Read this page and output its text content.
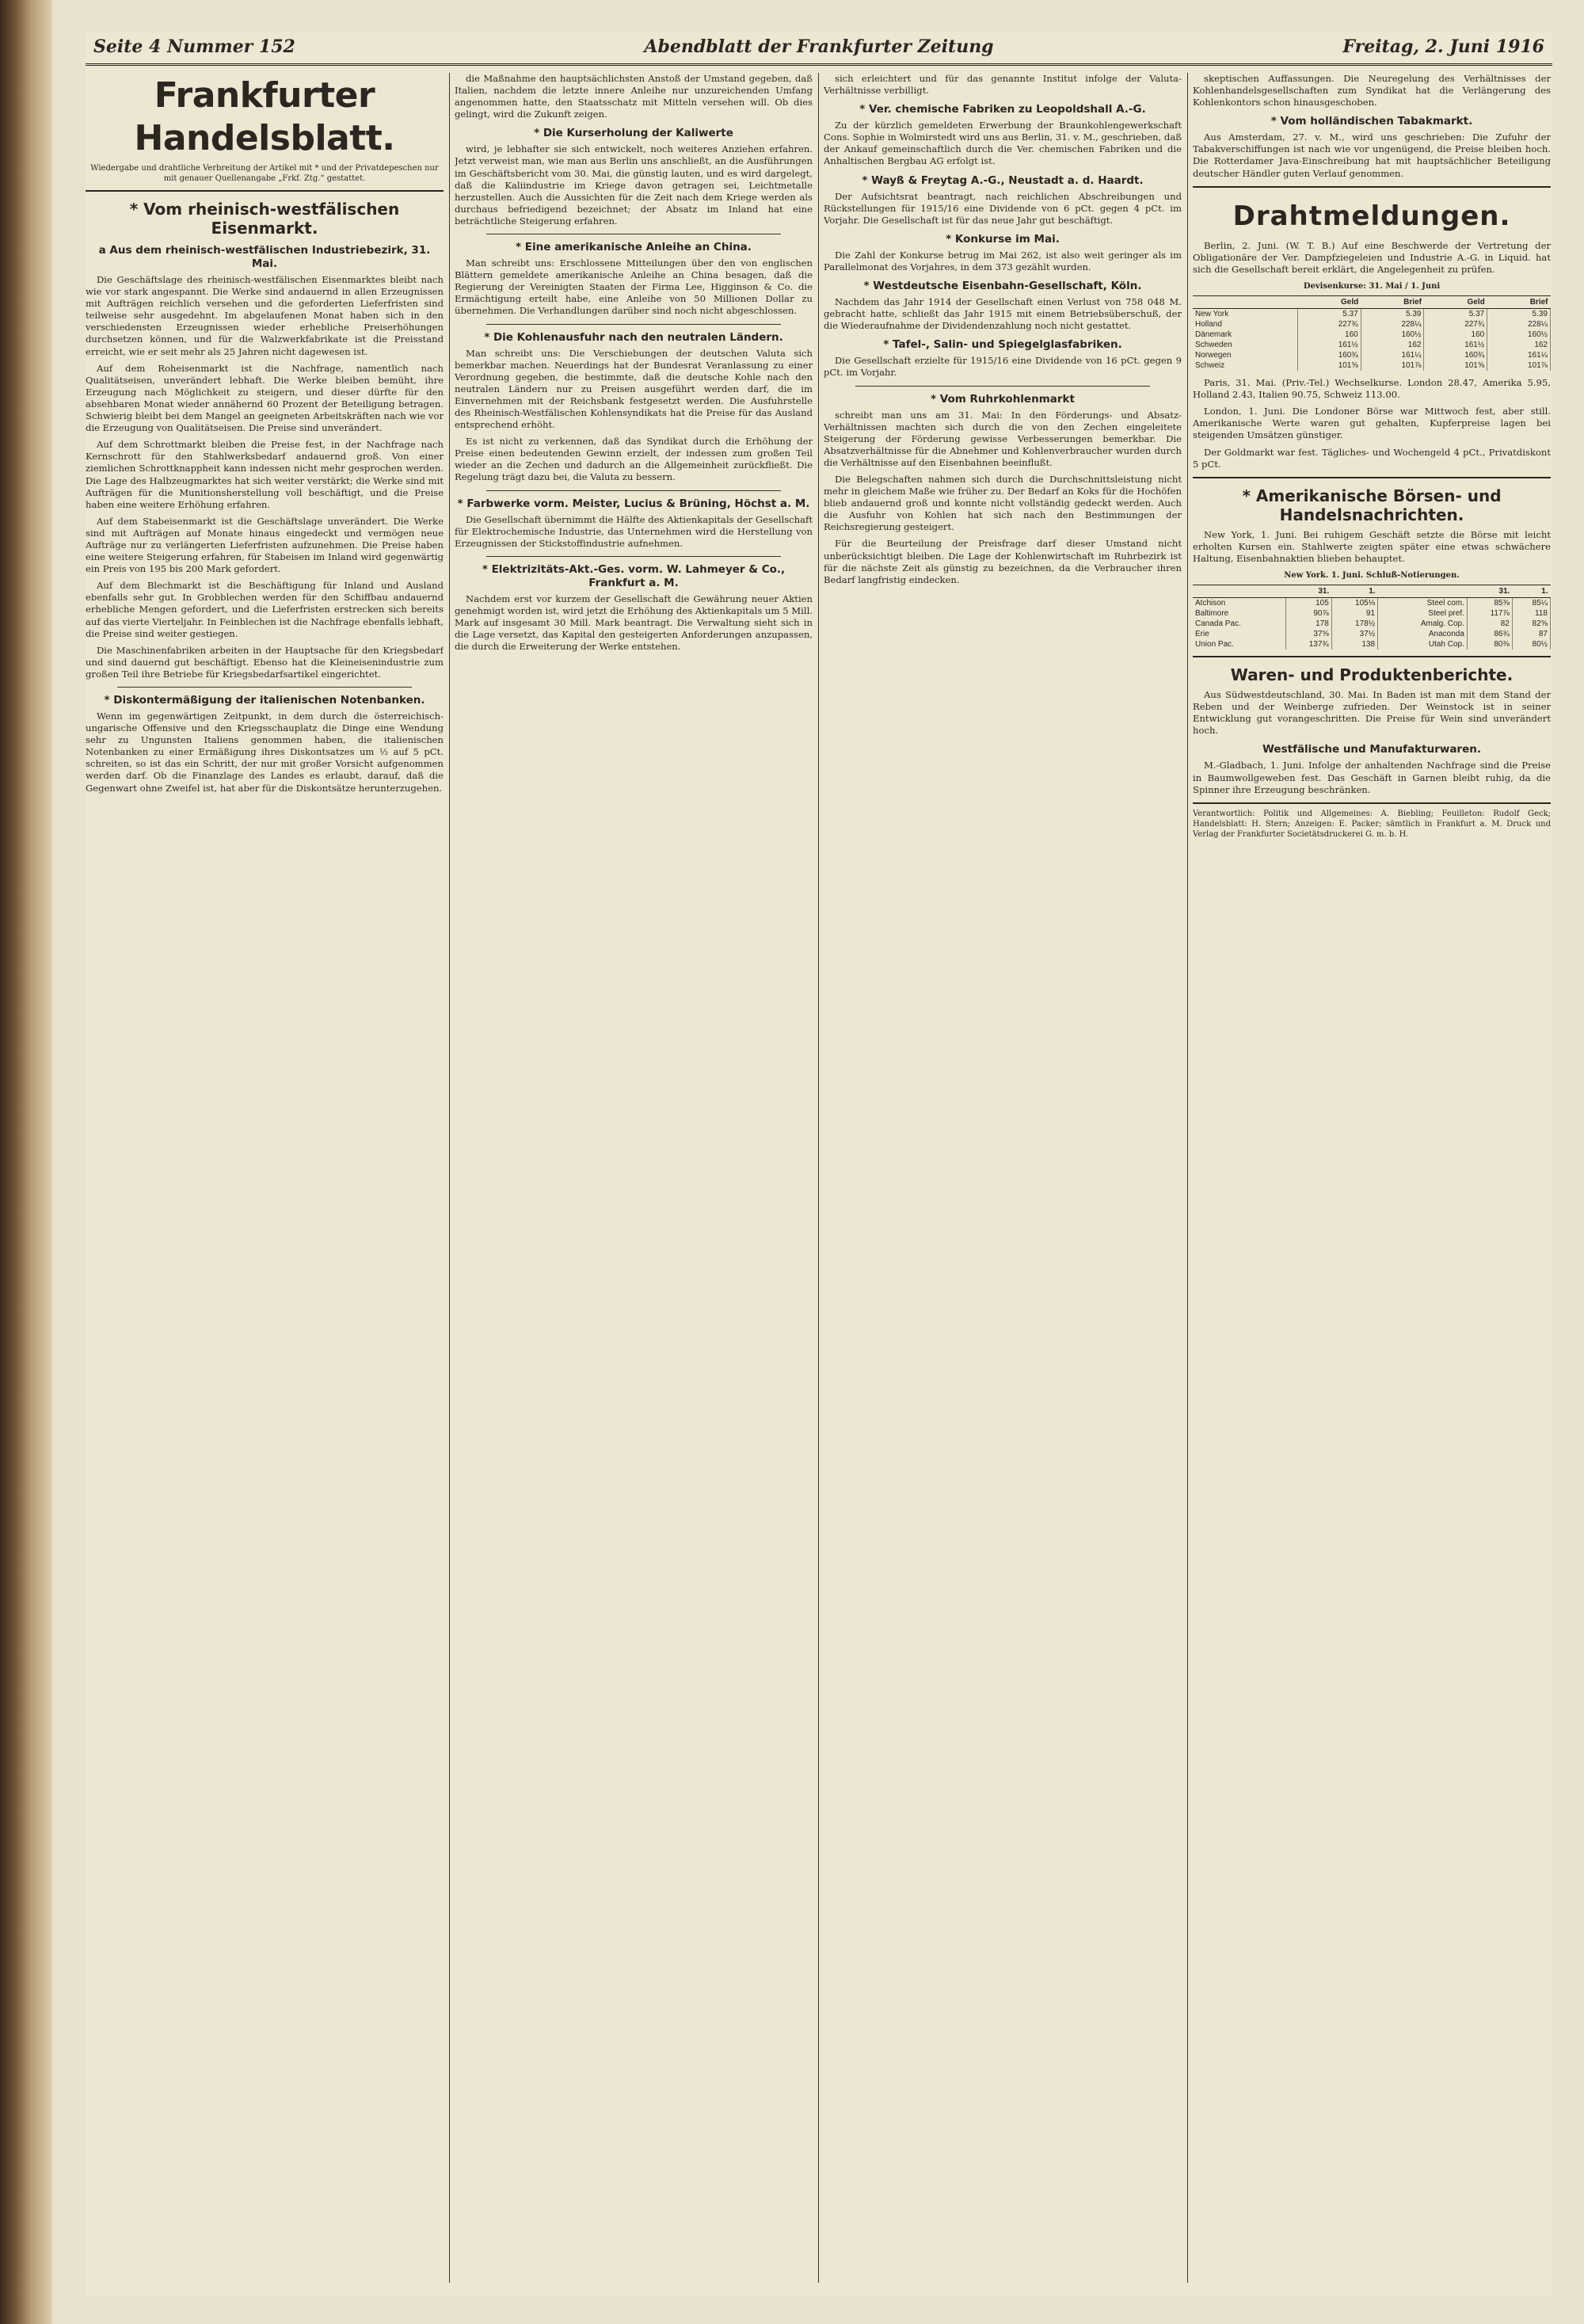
Seite 4 Nummer 152	Abendblatt der Frankfurter Zeitung	Freitag, 2. Juni 1916
Frankfurter Handelsblatt.
Wiedergabe und drahtliche Verbreitung der Artikel mit * und der Privatdepeschen nur mit genauer Quellenangabe „Frkf. Ztg.“ gestattet.
* Vom rheinisch-westfälischen Eisenmarkt.
a Aus dem rheinisch-westfälischen Industriebezirk, 31. Mai.

Die Geschäftslage des rheinisch-westfälischen Eisenmarktes bleibt nach wie vor stark angespannt. Die Werke sind andauernd in allen Erzeugnissen mit Aufträgen reichlich versehen und die geforderten Lieferfristen sind teilweise sehr ausgedehnt. Im abgelaufenen Monat haben sich in den verschiedensten Erzeugnissen wieder erhebliche Preiserhöhungen durchsetzen können, und für die Walzwerkfabrikate ist die Preisstand erreicht, wie er seit mehr als 25 Jahren nicht dagewesen ist.

Auf dem Roheisenmarkt ist die Nachfrage, namentlich nach Qualitätseisen, unverändert lebhaft. Die Werke bleiben bemüht, ihre Erzeugung nach Möglichkeit zu steigern, und dieser dürfte für den absehbaren Monat wieder annähernd 60 Prozent der Beteiligung betragen. Schwierig bleibt bei dem Mangel an geeigneten Arbeitskräften nach wie vor die Erzeugung von Qualitätseisen. Die Preise sind unverändert.

Auf dem Schrottmarkt bleiben die Preise fest, in der Nachfrage nach Kernschrott für den Stahlwerksbedarf andauernd groß. Von einer ziemlichen Schrottknappheit kann indessen nicht mehr gesprochen werden. Die Lage des Halbzeugmarktes hat sich weiter verstärkt; die Werke sind mit Aufträgen für die Munitionsherstellung voll beschäftigt, und die Preise haben eine weitere Erhöhung erfahren.

Auf dem Stabeisenmarkt ist die Geschäftslage unverändert. Die Werke sind mit Aufträgen auf Monate hinaus eingedeckt und vermögen neue Aufträge nur zu verlängerten Lieferfristen aufzunehmen. Die Preise haben eine weitere Steigerung erfahren, für Stabeisen im Inland wird gegenwärtig ein Preis von 195 bis 200 Mark gefordert.

Auf dem Blechmarkt ist die Beschäftigung für Inland und Ausland ebenfalls sehr gut. In Grobblechen werden für den Schiffbau andauernd erhebliche Mengen gefordert, und die Lieferfristen erstrecken sich bereits auf das vierte Vierteljahr. In Feinblechen ist die Nachfrage ebenfalls lebhaft, die Preise sind weiter gestiegen.

Die Maschinenfabriken arbeiten in der Hauptsache für den Kriegsbedarf und sind dauernd gut beschäftigt. Ebenso hat die Kleineisenindustrie zum großen Teil ihre Betriebe für Kriegsbedarfsartikel eingerichtet.

* Diskontermäßigung der italienischen Notenbanken.

Wenn im gegenwärtigen Zeitpunkt, in dem durch die österreichisch-ungarische Offensive und den Kriegsschauplatz die Dinge eine Wendung sehr zu Ungunsten Italiens genommen haben, die italienischen Notenbanken zu einer Ermäßigung ihres Diskontsatzes um ½ auf 5 pCt. schreiten, so ist das ein Schritt, der nur mit großer Vorsicht aufgenommen werden darf. Ob die Finanzlage des Landes es erlaubt, darauf, daß die Gegenwart ohne Zweifel ist, hat aber für die Diskontsätze herunterzugehen.

die Maßnahme den hauptsächlichsten Anstoß der Umstand gegeben, daß Italien, nachdem die letzte innere Anleihe nur unzureichenden Umfang angenommen hatte, den Staatsschatz mit Mitteln versehen will. Ob dies gelingt, wird die Zukunft zeigen.

* Die Kurserholung der Kaliwerte

wird, je lebhafter sie sich entwickelt, noch weiteres Anziehen erfahren. Jetzt verweist man, wie man aus Berlin uns anschließt, an die Ausführungen im Geschäftsbericht vom 30. Mai, die günstig lauten, und es wird dargelegt, daß die Kaliindustrie im Kriege davon getragen sei, Leichtmetalle herzustellen. Auch die Aussichten für die Zeit nach dem Kriege werden als durchaus befriedigend bezeichnet; der Absatz im Inland hat eine beträchtliche Steigerung erfahren.

* Eine amerikanische Anleihe an China.

Man schreibt uns: Erschlossene Mitteilungen über den von englischen Blättern gemeldete amerikanische Anleihe an China besagen, daß die Regierung der Vereinigten Staaten der Firma Lee, Higginson & Co. die Ermächtigung erteilt habe, eine Anleihe von 50 Millionen Dollar zu übernehmen. Die Verhandlungen darüber sind noch nicht abgeschlossen.

* Die Kohlenausfuhr nach den neutralen Ländern.

Man schreibt uns: Die Verschiebungen der deutschen Valuta sich bemerkbar machen. Neuerdings hat der Bundesrat Veranlassung zu einer Verordnung gegeben, die bestimmte, daß die deutsche Kohle nach den neutralen Ländern nur zu Preisen ausgeführt werden darf, die im Einvernehmen mit der Reichsbank festgesetzt werden. Die Ausfuhrstelle des Rheinisch-Westfälischen Kohlensyndikats hat die Preise für das Ausland entsprechend erhöht.

Es ist nicht zu verkennen, daß das Syndikat durch die Erhöhung der Preise einen bedeutenden Gewinn erzielt, der indessen zum großen Teil wieder an die Zechen und dadurch an die Allgemeinheit zurückfließt. Die Regelung trägt dazu bei, die Valuta zu bessern.

* Farbwerke vorm. Meister, Lucius & Brüning, Höchst a. M.

Die Gesellschaft übernimmt die Hälfte des Aktienkapitals der Gesellschaft für Elektrochemische Industrie, das Unternehmen wird die Herstellung von Erzeugnissen der Stickstoffindustrie aufnehmen.

* Elektrizitäts-Akt.-Ges. vorm. W. Lahmeyer & Co., Frankfurt a. M.

Nachdem erst vor kurzem der Gesellschaft die Gewährung neuer Aktien genehmigt worden ist, wird jetzt die Erhöhung des Aktienkapitals um 5 Mill. Mark auf insgesamt 30 Mill. Mark beantragt. Die Verwaltung sieht sich in die Lage versetzt, das Kapital den gesteigerten Anforderungen anzupassen, die durch die Erweiterung der Werke entstehen.

sich erleichtert und für das genannte Institut infolge der Valuta-Verhältnisse verbilligt.

* Ver. chemische Fabriken zu Leopoldshall A.-G.

Zu der kürzlich gemeldeten Erwerbung der Braunkohlengewerkschaft Cons. Sophie in Wolmirstedt wird uns aus Berlin, 31. v. M., geschrieben, daß der Ankauf gemeinschaftlich durch die Ver. chemischen Fabriken und die Anhaltischen Bergbau AG erfolgt ist.

* Wayß & Freytag A.-G., Neustadt a. d. Haardt.

Der Aufsichtsrat beantragt, nach reichlichen Abschreibungen und Rückstellungen für 1915/16 eine Dividende von 6 pCt. gegen 4 pCt. im Vorjahr. Die Gesellschaft ist für das neue Jahr gut beschäftigt.

* Konkurse im Mai.

Die Zahl der Konkurse betrug im Mai 262, ist also weit geringer als im Parallelmonat des Vorjahres, in dem 373 gezählt wurden.

* Westdeutsche Eisenbahn-Gesellschaft, Köln.

Nachdem das Jahr 1914 der Gesellschaft einen Verlust von 758 048 M. gebracht hatte, schließt das Jahr 1915 mit einem Betriebsüberschuß, der die Wiederaufnahme der Dividendenzahlung noch nicht gestattet.

* Tafel-, Salin- und Spiegelglasfabriken.

Die Gesellschaft erzielte für 1915/16 eine Dividende von 16 pCt. gegen 9 pCt. im Vorjahr.

* Vom Ruhrkohlenmarkt

schreibt man uns am 31. Mai: In den Förderungs- und Absatz-Verhältnissen machten sich durch die von den Zechen eingeleitete Steigerung der Förderung gewisse Verbesserungen bemerkbar. Die Absatzverhältnisse für die Abnehmer und Kohlenverbraucher wurden durch die Verhältnisse auf den Eisenbahnen beeinflußt.

Die Belegschaften nahmen sich durch die Durchschnittsleistung nicht mehr in gleichem Maße wie früher zu. Der Bedarf an Koks für die Hochöfen blieb andauernd groß und konnte nicht vollständig gedeckt werden. Auch die Ausfuhr von Kohlen hat sich nach den Bestimmungen der Reichsregierung gesteigert.

Für die Beurteilung der Preisfrage darf dieser Umstand nicht unberücksichtigt bleiben. Die Lage der Kohlenwirtschaft im Ruhrbezirk ist für die nächste Zeit als günstig zu bezeichnen, da die Verbraucher ihren Bedarf langfristig eindecken.

skeptischen Auffassungen. Die Neuregelung des Verhältnisses der Kohlenhandelsgesellschaften zum Syndikat hat die Verlängerung des Kohlenkontors schon hinausgeschoben.

* Vom holländischen Tabakmarkt.

Aus Amsterdam, 27. v. M., wird uns geschrieben: Die Zufuhr der Tabakverschiffungen ist nach wie vor ungenügend, die Preise bleiben hoch. Die Rotterdamer Java-Einschreibung hat mit hauptsächlicher Beteiligung deutscher Händler guten Verlauf genommen.

Drahtmeldungen.

Berlin, 2. Juni. (W. T. B.) Auf eine Beschwerde der Vertretung der Obligationäre der Ver. Dampfziegeleien und Industrie A.-G. in Liquid. hat sich die Gesellschaft bereit erklärt, die Angelegenheit zu prüfen.

Devisenkurse: 31. Mai / 1. Juni
	Geld	Brief	Geld	Brief
New York	5.37	5.39	5.37	5.39
Holland	227¾	228¼	227¾	228¼
Dänemark	160	160½	160	160½
Schweden	161½	162	161½	162
Norwegen	160¾	161¼	160¾	161¼
Schweiz	101⅝	101⅞	101⅝	101⅞

Paris, 31. Mai. (Priv.-Tel.) Wechselkurse. London 28.47, Amerika 5.95, Holland 2.43, Italien 90.75, Schweiz 113.00.

London, 1. Juni. Die Londoner Börse war Mittwoch fest, aber still. Amerikanische Werte waren gut gehalten, Kupferpreise lagen bei steigenden Umsätzen günstiger.

Der Goldmarkt war fest. Tägliches- und Wochengeld 4 pCt., Privatdiskont 5 pCt.

* Amerikanische Börsen- und Handelsnachrichten.

New York, 1. Juni. Bei ruhigem Geschäft setzte die Börse mit leicht erholten Kursen ein. Stahlwerte zeigten später eine etwas schwächere Haltung, Eisenbahnaktien blieben behauptet.

New York. 1. Juni. Schluß-Notierungen.
	31.	1.		31.	1.
Atchison	105	105⅛	Steel com.	85⅜	85¼
Baltimore	90⅞	91	Steel pref.	117⅞	118
Canada Pac.	178	178½	Amalg. Cop.	82	82⅝
Erie	37⅝	37½	Anaconda	86¾	87
Union Pac.	137¾	138	Utah Cop.	80⅜	80½
Waren- und Produktenberichte.

Aus Südwestdeutschland, 30. Mai. In Baden ist man mit dem Stand der Reben und der Weinberge zufrieden. Der Weinstock ist in seiner Entwicklung gut vorangeschritten. Die Preise für Wein sind unverändert hoch.

Westfälische und Manufakturwaren.

M.-Gladbach, 1. Juni. Infolge der anhaltenden Nachfrage sind die Preise in Baumwollgeweben fest. Das Geschäft in Garnen bleibt ruhig, da die Spinner ihre Erzeugung beschränken.

Verantwortlich: Politik und Allgemeines: A. Biebling; Feuilleton: Rudolf Geck; Handelsblatt: H. Stern; Anzeigen: E. Packer; sämtlich in Frankfurt a. M. Druck und Verlag der Frankfurter Societätsdruckerei G. m. b. H.
